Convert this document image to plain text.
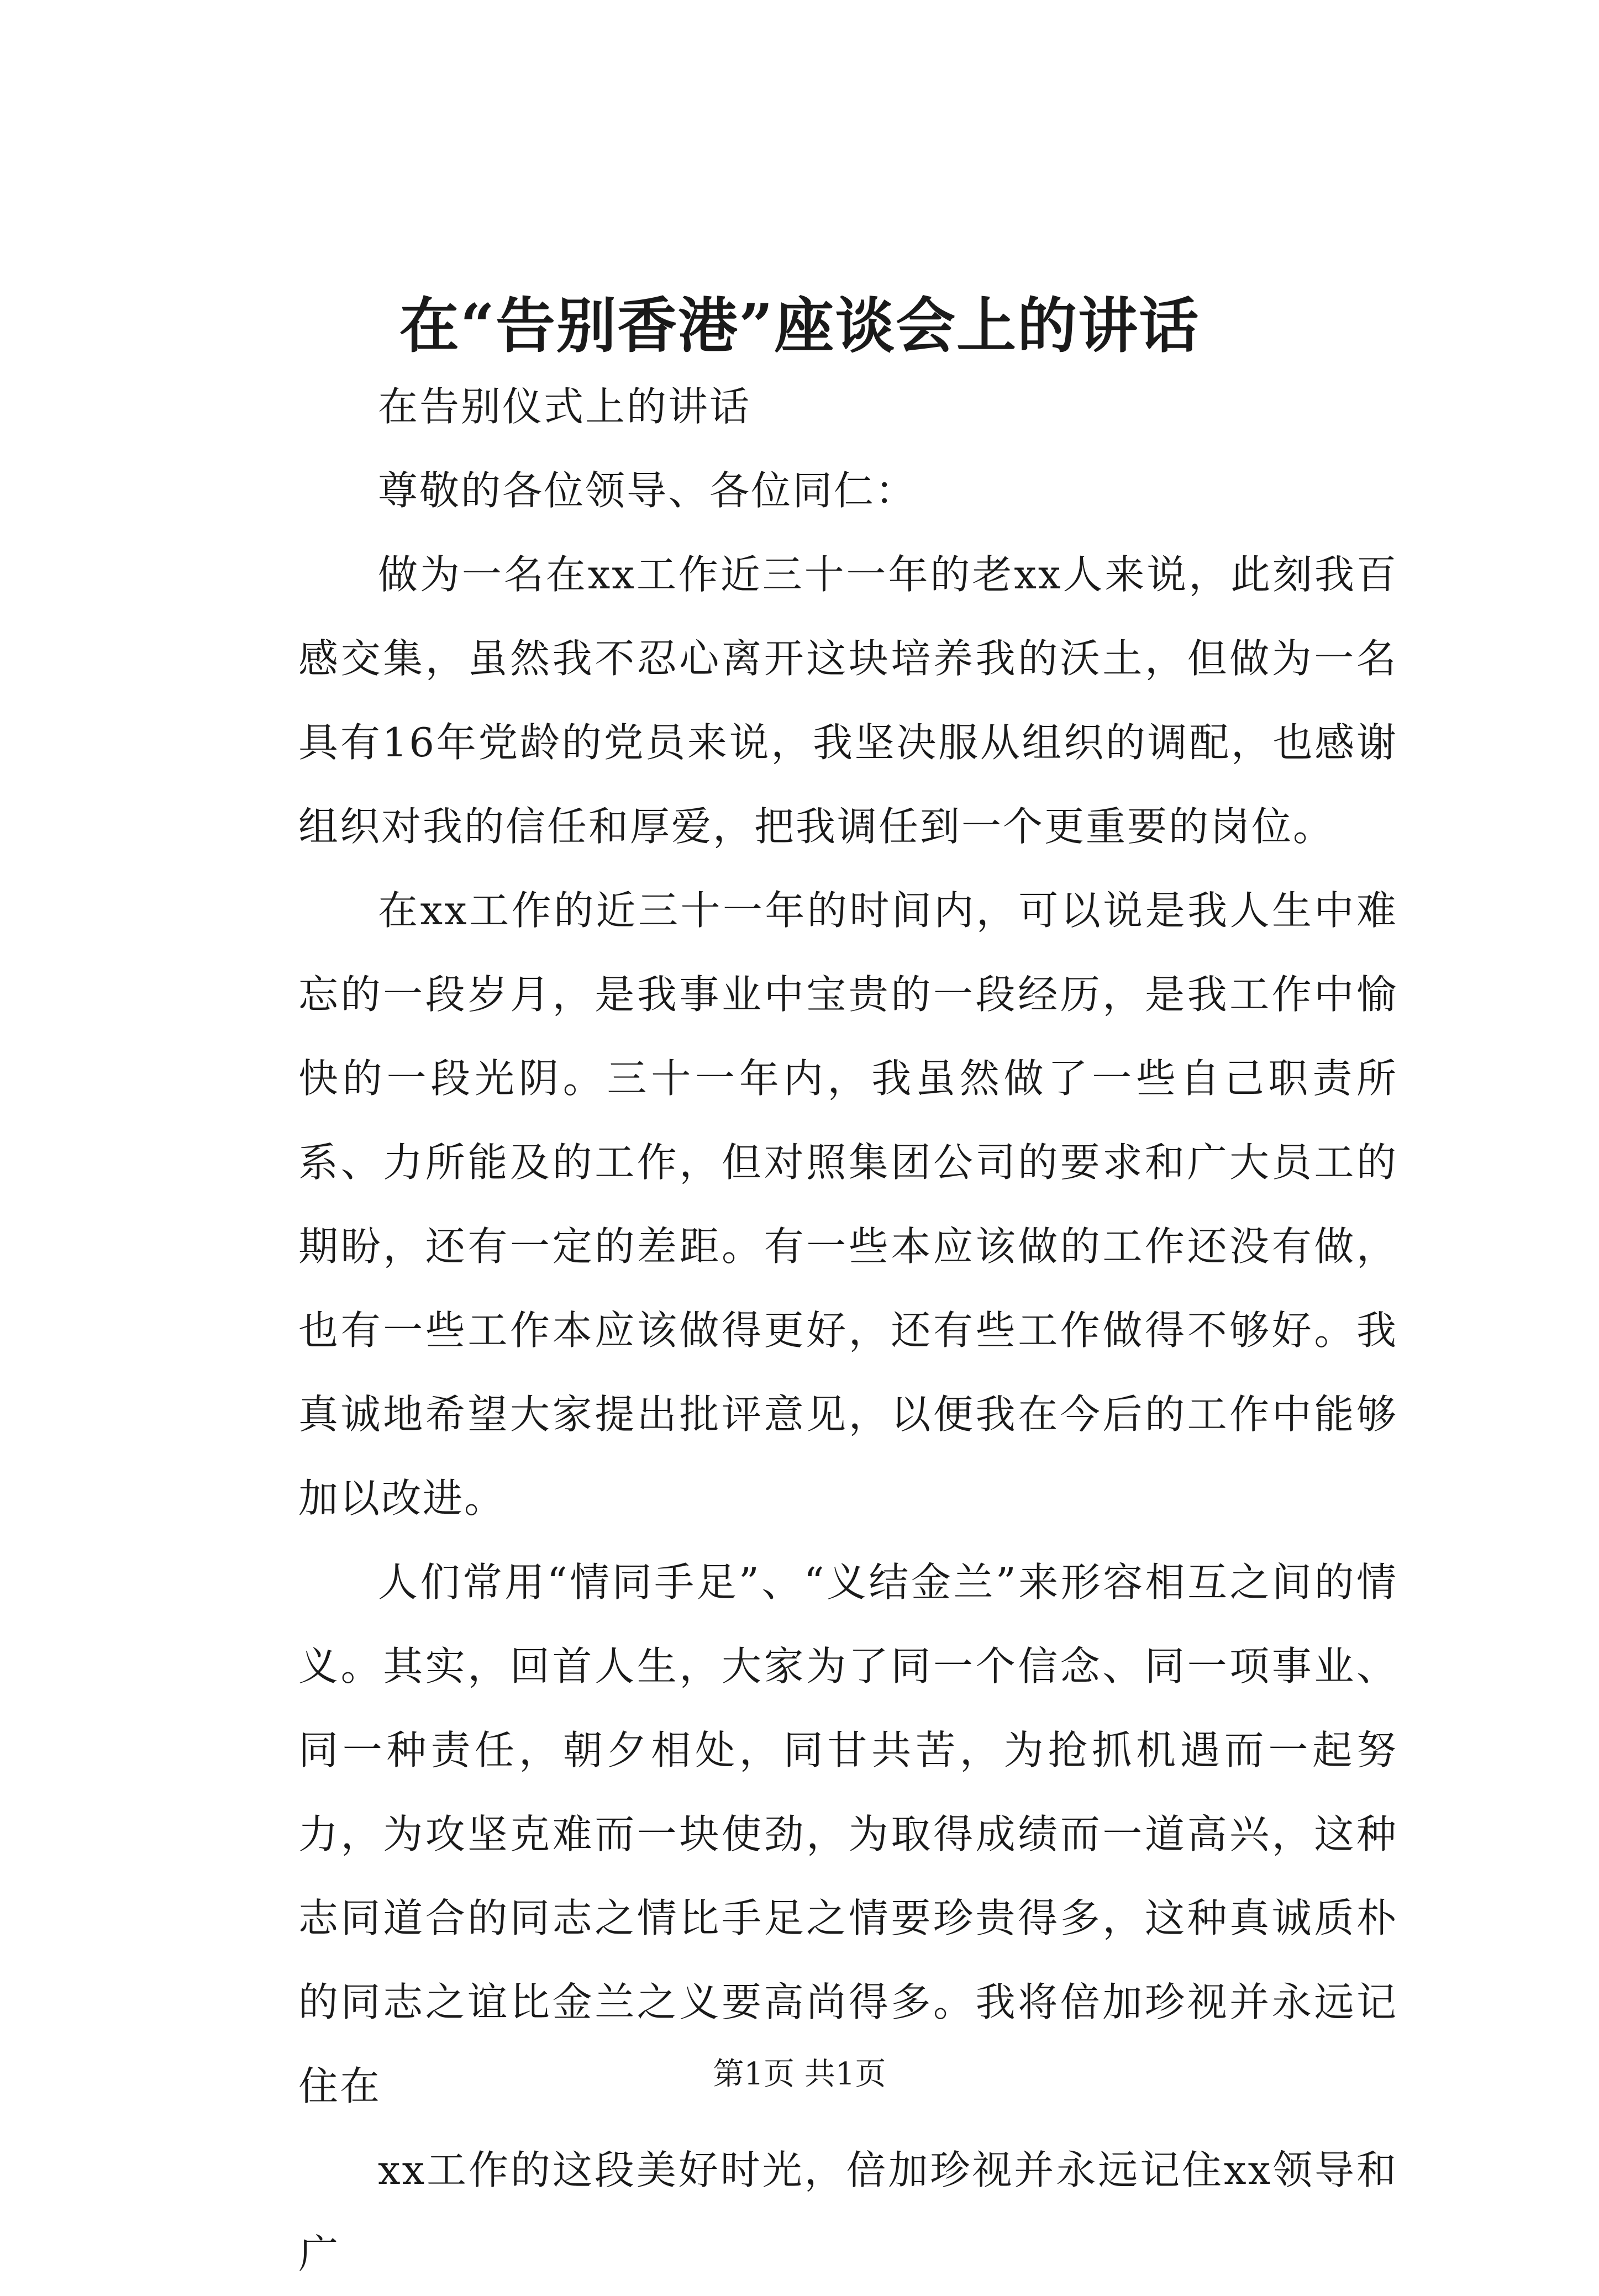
在“告别香港”座谈会上的讲话

在告别仪式上的讲话

尊敬的各位领导、各位同仁：

做为一名在xx工作近三十一年的老xx人来说，此刻我百感交集，虽然我不忍心离开这块培养我的沃土，但做为一名具有16年党龄的党员来说，我坚决服从组织的调配，也感谢组织对我的信任和厚爱，把我调任到一个更重要的岗位。

在xx工作的近三十一年的时间内，可以说是我人生中难忘的一段岁月，是我事业中宝贵的一段经历，是我工作中愉快的一段光阴。三十一年内，我虽然做了一些自己职责所系、力所能及的工作，但对照集团公司的要求和广大员工的期盼，还有一定的差距。有一些本应该做的工作还没有做，也有一些工作本应该做得更好，还有些工作做得不够好。我真诚地希望大家提出批评意见，以便我在今后的工作中能够加以改进。

人们常用“情同手足”、“义结金兰”来形容相互之间的情义。其实，回首人生，大家为了同一个信念、同一项事业、同一种责任，朝夕相处，同甘共苦，为抢抓机遇而一起努力，为攻坚克难而一块使劲，为取得成绩而一道高兴，这种志同道合的同志之情比手足之情要珍贵得多，这种真诚质朴的同志之谊比金兰之义要高尚得多。我将倍加珍视并永远记住在

xx工作的这段美好时光，倍加珍视并永远记住xx领导和广

第1页 共1页
